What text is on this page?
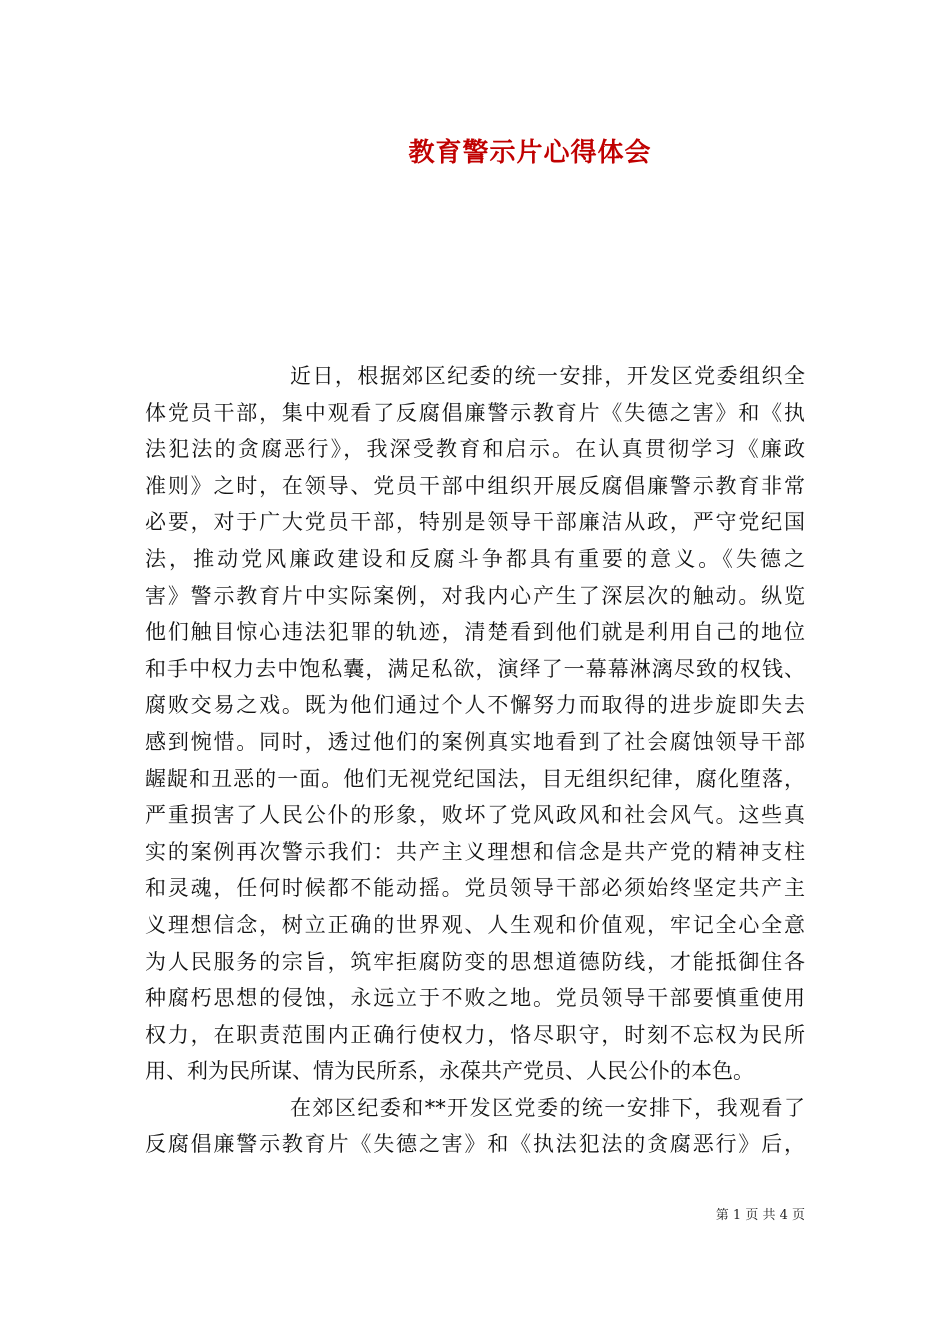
教育警示片心得体会
近日，根据郊区纪委的统一安排，开发区党委组织全
体党员干部，集中观看了反腐倡廉警示教育片《失德之害》和《执
法犯法的贪腐恶行》，我深受教育和启示。在认真贯彻学习《廉政
准则》之时，在领导、党员干部中组织开展反腐倡廉警示教育非常
必要，对于广大党员干部，特别是领导干部廉洁从政，严守党纪国
法，推动党风廉政建设和反腐斗争都具有重要的意义。《失德之
害》警示教育片中实际案例，对我内心产生了深层次的触动。纵览
他们触目惊心违法犯罪的轨迹，清楚看到他们就是利用自己的地位
和手中权力去中饱私囊，满足私欲，演绎了一幕幕淋漓尽致的权钱、
腐败交易之戏。既为他们通过个人不懈努力而取得的进步旋即失去
感到惋惜。同时，透过他们的案例真实地看到了社会腐蚀领导干部
龌龊和丑恶的一面。他们无视党纪国法，目无组织纪律，腐化堕落，
严重损害了人民公仆的形象，败坏了党风政风和社会风气。这些真
实的案例再次警示我们：共产主义理想和信念是共产党的精神支柱
和灵魂，任何时候都不能动摇。党员领导干部必须始终坚定共产主
义理想信念，树立正确的世界观、人生观和价值观，牢记全心全意
为人民服务的宗旨，筑牢拒腐防变的思想道德防线，才能抵御住各
种腐朽思想的侵蚀，永远立于不败之地。党员领导干部要慎重使用
权力，在职责范围内正确行使权力，恪尽职守，时刻不忘权为民所
用、利为民所谋、情为民所系，永葆共产党员、人民公仆的本色。
在郊区纪委和**开发区党委的统一安排下，我观看了
反腐倡廉警示教育片《失德之害》和《执法犯法的贪腐恶行》后，
第 1 页 共 4 页
